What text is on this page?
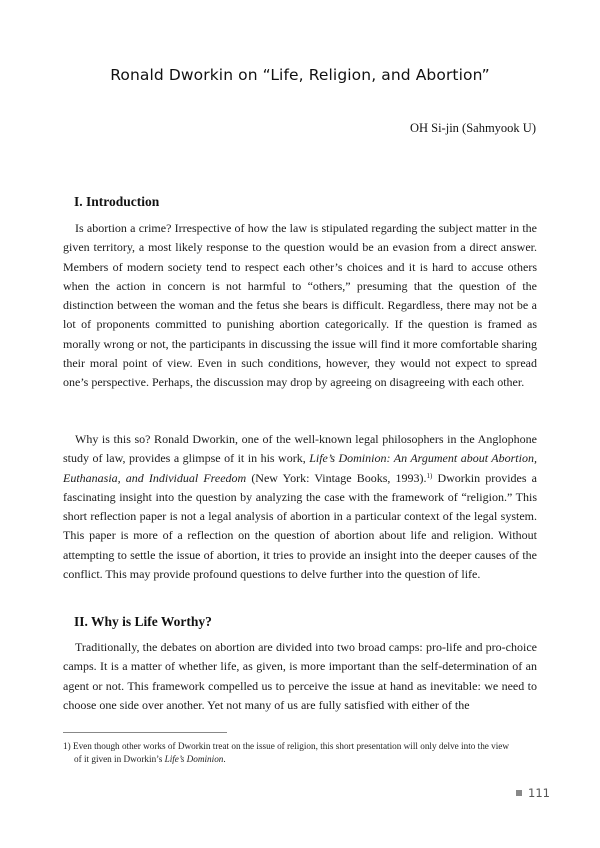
Ronald Dworkin on “Life, Religion, and Abortion”
OH Si-jin (Sahmyook U)
I. Introduction

Is abortion a crime? Irrespective of how the law is stipulated regarding the subject matter in the given territory, a most likely response to the question would be an evasion from a direct answer. Members of modern society tend to respect each other’s choices and it is hard to accuse others when the action in concern is not harmful to “others,” presuming that the question of the distinction between the woman and the fetus she bears is difficult. Regardless, there may not be a lot of proponents committed to punishing abortion categorically. If the question is framed as morally wrong or not, the participants in discussing the issue will find it more comfortable sharing their moral point of view. Even in such conditions, however, they would not expect to spread one’s perspective. Perhaps, the discussion may drop by agreeing on disagreeing with each other.

Why is this so? Ronald Dworkin, one of the well-known legal philosophers in the Anglophone study of law, provides a glimpse of it in his work, Life’s Dominion: An Argument about Abortion, Euthanasia, and Individual Freedom (New York: Vintage Books, 1993).$^{1)}$ Dworkin provides a fascinating insight into the question by analyzing the case with the framework of “religion.” This short reflection paper is not a legal analysis of abortion in a particular context of the legal system. This paper is more of a reflection on the question of abortion about life and religion. Without attempting to settle the issue of abortion, it tries to provide an insight into the deeper causes of the conflict. This may provide profound questions to delve further into the question of life.

II. Why is Life Worthy?

Traditionally, the debates on abortion are divided into two broad camps: pro-life and pro-choice camps. It is a matter of whether life, as given, is more important than the self-determination of an agent or not. This framework compelled us to perceive the issue at hand as inevitable: we need to choose one side over another. Yet not many of us are fully satisfied with either of the

1) Even though other works of Dworkin treat on the issue of religion, this short presentation will only delve into the view
of it given in Dworkin’s Life’s Dominion.

111
